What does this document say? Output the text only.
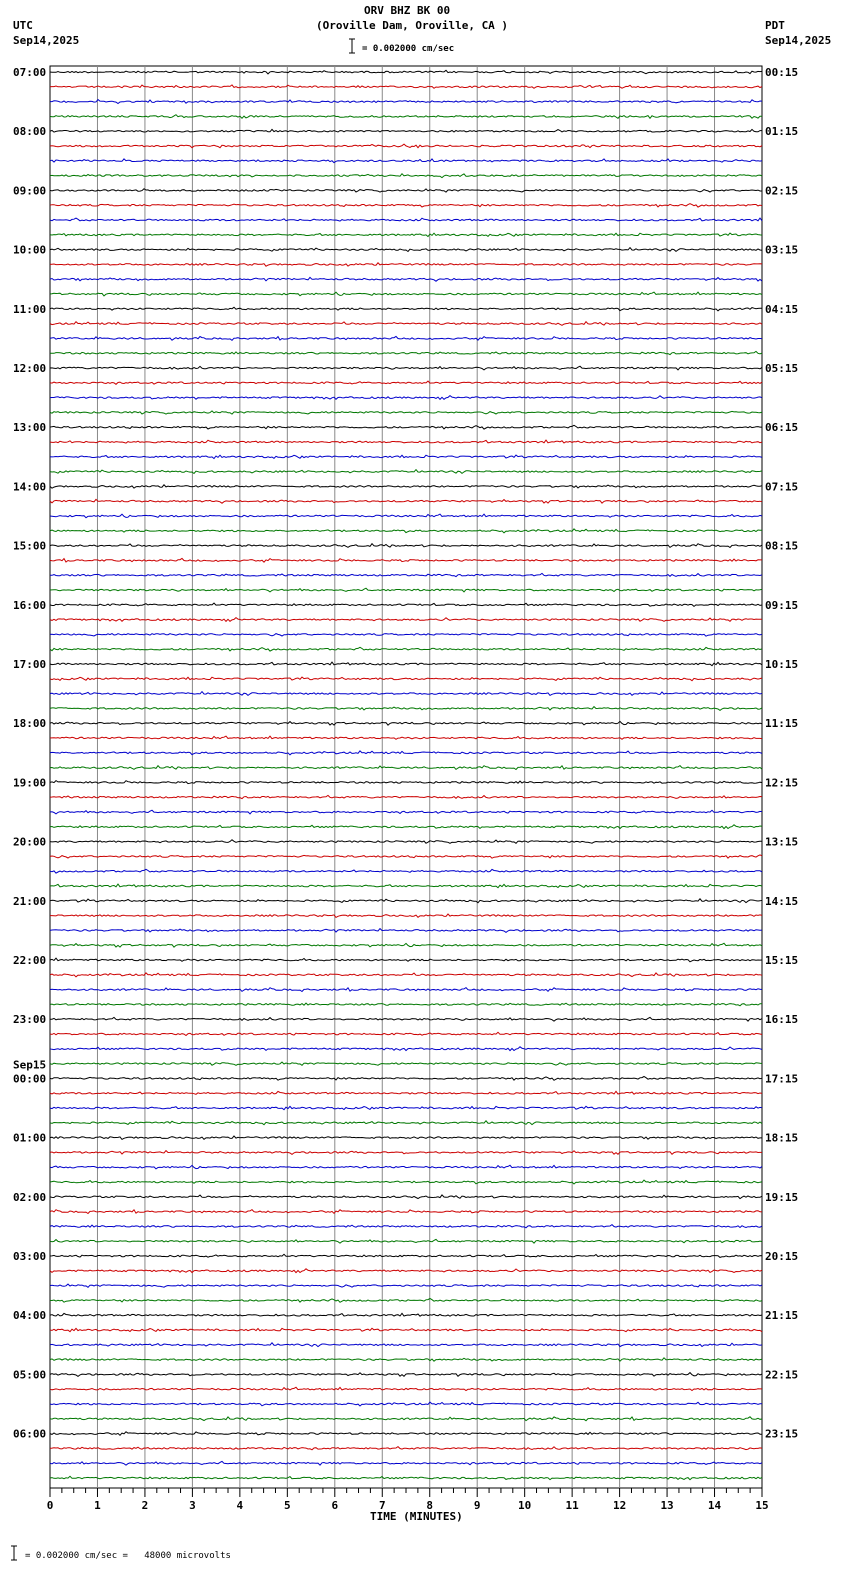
07:00
08:00
09:00
10:00
11:00
12:00
13:00
14:00
15:00
16:00
17:00
18:00
19:00
20:00
21:00
22:00
23:00
00:00
01:00
02:00
03:00
04:00
05:00
06:00
00:15
01:15
02:15
03:15
04:15
05:15
06:15
07:15
08:15
09:15
10:15
11:15
12:15
13:15
14:15
15:15
16:15
17:15
18:15
19:15
20:15
21:15
22:15
23:15
Sep15
0	1	2	3	4	5	6	7	8	9	10	11	12	13	14	15
ORV BHZ BK 00
(Oroville Dam, Oroville, CA )
= 0.002000 cm/sec
UTC
Sep14,2025
PDT
Sep14,2025
TIME (MINUTES)
= 0.002000 cm/sec =   48000 microvolts
